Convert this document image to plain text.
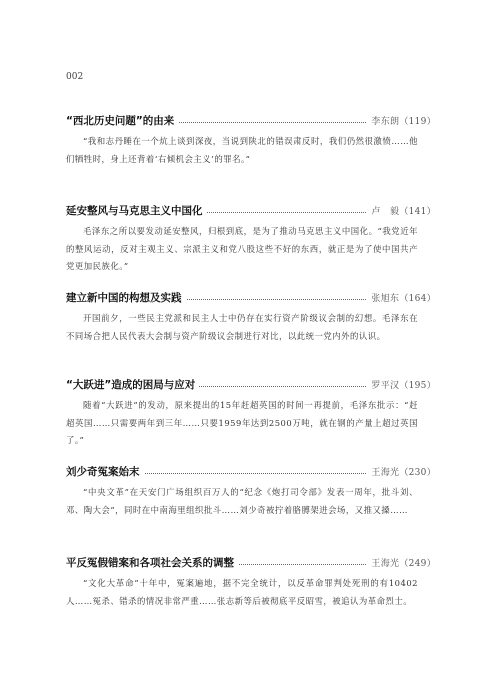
002
“西北历史问题”的由来	李东朗（119）

“我和志丹睡在一个炕上谈到深夜，当说到陕北的错误肃反时，我们仍然很激愤……他们牺牲时，身上还背着‘右倾机会主义’的罪名。”

延安整风与马克思主义中国化	卢　毅（141）

毛泽东之所以要发动延安整风，归根到底，是为了推动马克思主义中国化。“我党近年的整风运动，反对主观主义、宗派主义和党八股这些不好的东西，就正是为了使中国共产党更加民族化。”

建立新中国的构想及实践	张旭东（164）

开国前夕，一些民主党派和民主人士中仍存在实行资产阶级议会制的幻想。毛泽东在不同场合把人民代表大会制与资产阶级议会制进行对比，以此统一党内外的认识。

“大跃进”造成的困局与应对	罗平汉（195）

随着“大跃进”的发动，原来提出的15年赶超英国的时间一再提前，毛泽东批示：“赶超英国……只需要两年到三年……只要1959年达到2500万吨，就在钢的产量上超过英国了。”

刘少奇冤案始末	王海光（230）

“中央文革”在天安门广场组织百万人的“纪念《炮打司令部》发表一周年，批斗刘、邓、陶大会”，同时在中南海里组织批斗……刘少奇被拧着胳膊架进会场，又推又搡……

平反冤假错案和各项社会关系的调整	王海光（249）

“文化大革命”十年中，冤案遍地，据不完全统计，以反革命罪判处死刑的有10402人……冤杀、错杀的情况非常严重……张志新等后被彻底平反昭雪，被追认为革命烈士。
